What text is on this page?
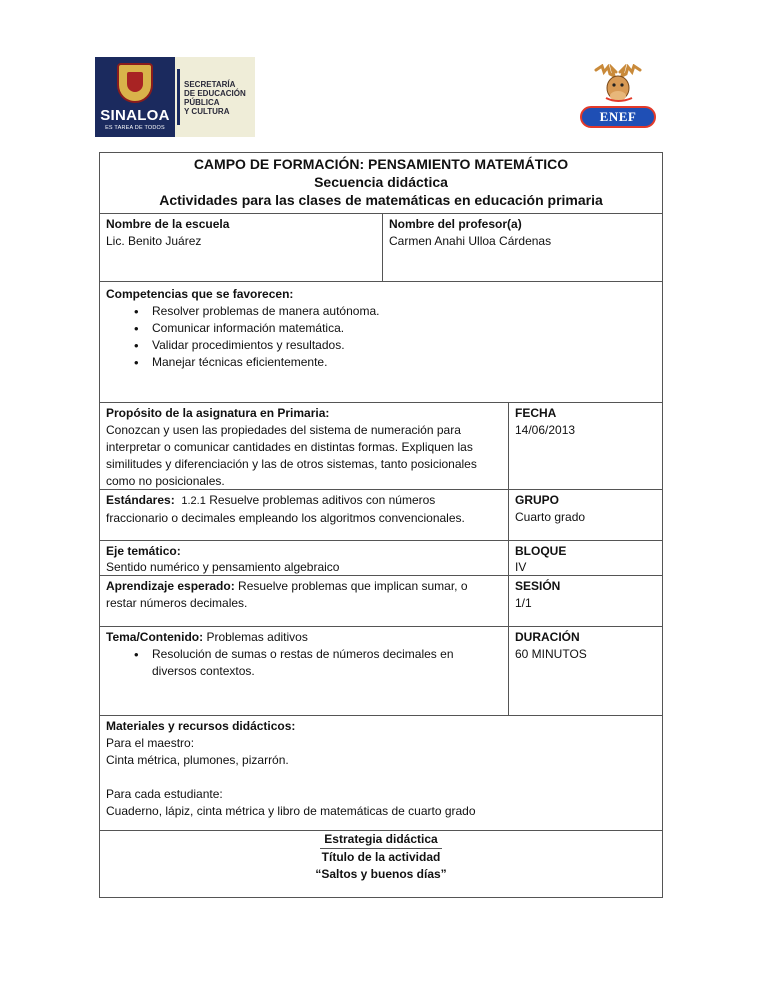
SINALOA
ES TAREA DE TODOS
SECRETARÍA
DE EDUCACIÓN
PÚBLICA
Y CULTURA	ENEF
CAMPO DE FORMACIÓN: PENSAMIENTO MATEMÁTICO
Secuencia didáctica
Actividades para las clases de matemáticas en educación primaria
Nombre de la escuela
Lic. Benito Juárez
Nombre del profesor(a)
Carmen Anahi Ulloa Cárdenas
Competencias que se favorecen:
• Resolver problemas de manera autónoma.
• Comunicar información matemática.
• Validar procedimientos y resultados.
• Manejar técnicas eficientemente.
Propósito de la asignatura en Primaria:
Conozcan y usen las propiedades del sistema de numeración para
interpretar o comunicar cantidades en distintas formas. Expliquen las
similitudes y diferenciación y las de otros sistemas, tanto posicionales
como no posicionales.
FECHA
14/06/2013
Estándares: 1.2.1 Resuelve problemas aditivos con números
fraccionario o decimales empleando los algoritmos convencionales.
GRUPO
Cuarto grado
Eje temático:
Sentido numérico y pensamiento algebraico
BLOQUE
IV
Aprendizaje esperado: Resuelve problemas que implican sumar, o
restar números decimales.
SESIÓN
1/1
Tema/Contenido: Problemas aditivos
• Resolución de sumas o restas de números decimales en
diversos contextos.
DURACIÓN
60 MINUTOS
Materiales y recursos didácticos:
Para el maestro:
Cinta métrica, plumones, pizarrón.
Para cada estudiante:
Cuaderno, lápiz, cinta métrica y libro de matemáticas de cuarto grado
Estrategia didáctica
Título de la actividad
“Saltos y buenos días”
